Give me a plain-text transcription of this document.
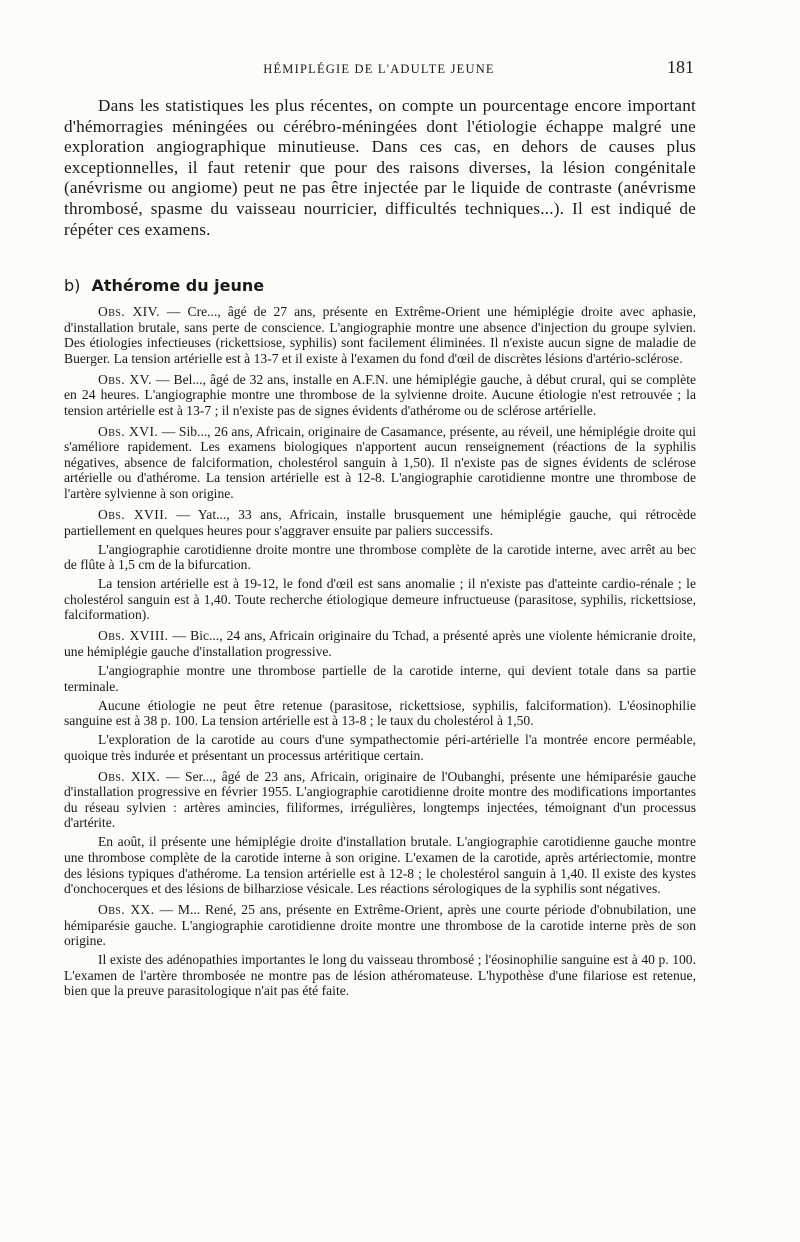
HÉMIPLÉGIE DE L'ADULTE JEUNE	181

Dans les statistiques les plus récentes, on compte un pourcentage encore important d'hémorragies méningées ou cérébro-méningées dont l'étiologie échappe malgré une exploration angiographique minutieuse. Dans ces cas, en dehors de causes plus exceptionnelles, il faut retenir que pour des raisons diverses, la lésion congénitale (anévrisme ou angiome) peut ne pas être injectée par le liquide de contraste (anévrisme thrombosé, spasme du vaisseau nourricier, difficultés techniques...). Il est indiqué de répéter ces examens.

b) Athérome du jeune

Obs. XIV. — Cre..., âgé de 27 ans, présente en Extrême-Orient une hémiplégie droite avec aphasie, d'installation brutale, sans perte de conscience. L'angiographie montre une absence d'injection du groupe sylvien. Des étiologies infectieuses (rickettsiose, syphilis) sont facilement éliminées. Il n'existe aucun signe de maladie de Buerger. La tension artérielle est à 13-7 et il existe à l'examen du fond d'œil de discrètes lésions d'artério-sclérose.

Obs. XV. — Bel..., âgé de 32 ans, installe en A.F.N. une hémiplégie gauche, à début crural, qui se complète en 24 heures. L'angiographie montre une thrombose de la sylvienne droite. Aucune étiologie n'est retrouvée ; la tension artérielle est à 13-7 ; il n'existe pas de signes évidents d'athérome ou de sclérose artérielle.

Obs. XVI. — Sib..., 26 ans, Africain, originaire de Casamance, présente, au réveil, une hémiplégie droite qui s'améliore rapidement. Les examens biologiques n'apportent aucun renseignement (réactions de la syphilis négatives, absence de falciformation, cholestérol sanguin à 1,50). Il n'existe pas de signes évidents de sclérose artérielle ou d'athérome. La tension artérielle est à 12-8. L'angiographie carotidienne montre une thrombose de l'artère sylvienne à son origine.

Obs. XVII. — Yat..., 33 ans, Africain, installe brusquement une hémiplégie gauche, qui rétrocède partiellement en quelques heures pour s'aggraver ensuite par paliers successifs.

L'angiographie carotidienne droite montre une thrombose complète de la carotide interne, avec arrêt au bec de flûte à 1,5 cm de la bifurcation.

La tension artérielle est à 19-12, le fond d'œil est sans anomalie ; il n'existe pas d'atteinte cardio-rénale ; le cholestérol sanguin est à 1,40. Toute recherche étiologique demeure infructueuse (parasitose, syphilis, rickettsiose, falciformation).

Obs. XVIII. — Bic..., 24 ans, Africain originaire du Tchad, a présenté après une violente hémicranie droite, une hémiplégie gauche d'installation progressive.

L'angiographie montre une thrombose partielle de la carotide interne, qui devient totale dans sa partie terminale.

Aucune étiologie ne peut être retenue (parasitose, rickettsiose, syphilis, falciformation). L'éosinophilie sanguine est à 38 p. 100. La tension artérielle est à 13-8 ; le taux du cholestérol à 1,50.

L'exploration de la carotide au cours d'une sympathectomie péri-artérielle l'a montrée encore perméable, quoique très indurée et présentant un processus artéritique certain.

Obs. XIX. — Ser..., âgé de 23 ans, Africain, originaire de l'Oubanghi, présente une hémiparésie gauche d'installation progressive en février 1955. L'angiographie carotidienne droite montre des modifications importantes du réseau sylvien : artères amincies, filiformes, irrégulières, longtemps injectées, témoignant d'un processus d'artérite.

En août, il présente une hémiplégie droite d'installation brutale. L'angiographie carotidienne gauche montre une thrombose complète de la carotide interne à son origine. L'examen de la carotide, après artériectomie, montre des lésions typiques d'athérome. La tension artérielle est à 12-8 ; le cholestérol sanguin à 1,40. Il existe des kystes d'onchocerques et des lésions de bilharziose vésicale. Les réactions sérologiques de la syphilis sont négatives.

Obs. XX. — M... René, 25 ans, présente en Extrême-Orient, après une courte période d'obnubilation, une hémiparésie gauche. L'angiographie carotidienne droite montre une thrombose de la carotide interne près de son origine.

Il existe des adénopathies importantes le long du vaisseau thrombosé ; l'éosinophilie sanguine est à 40 p. 100. L'examen de l'artère thrombosée ne montre pas de lésion athéromateuse. L'hypothèse d'une filariose est retenue, bien que la preuve parasitologique n'ait pas été faite.
